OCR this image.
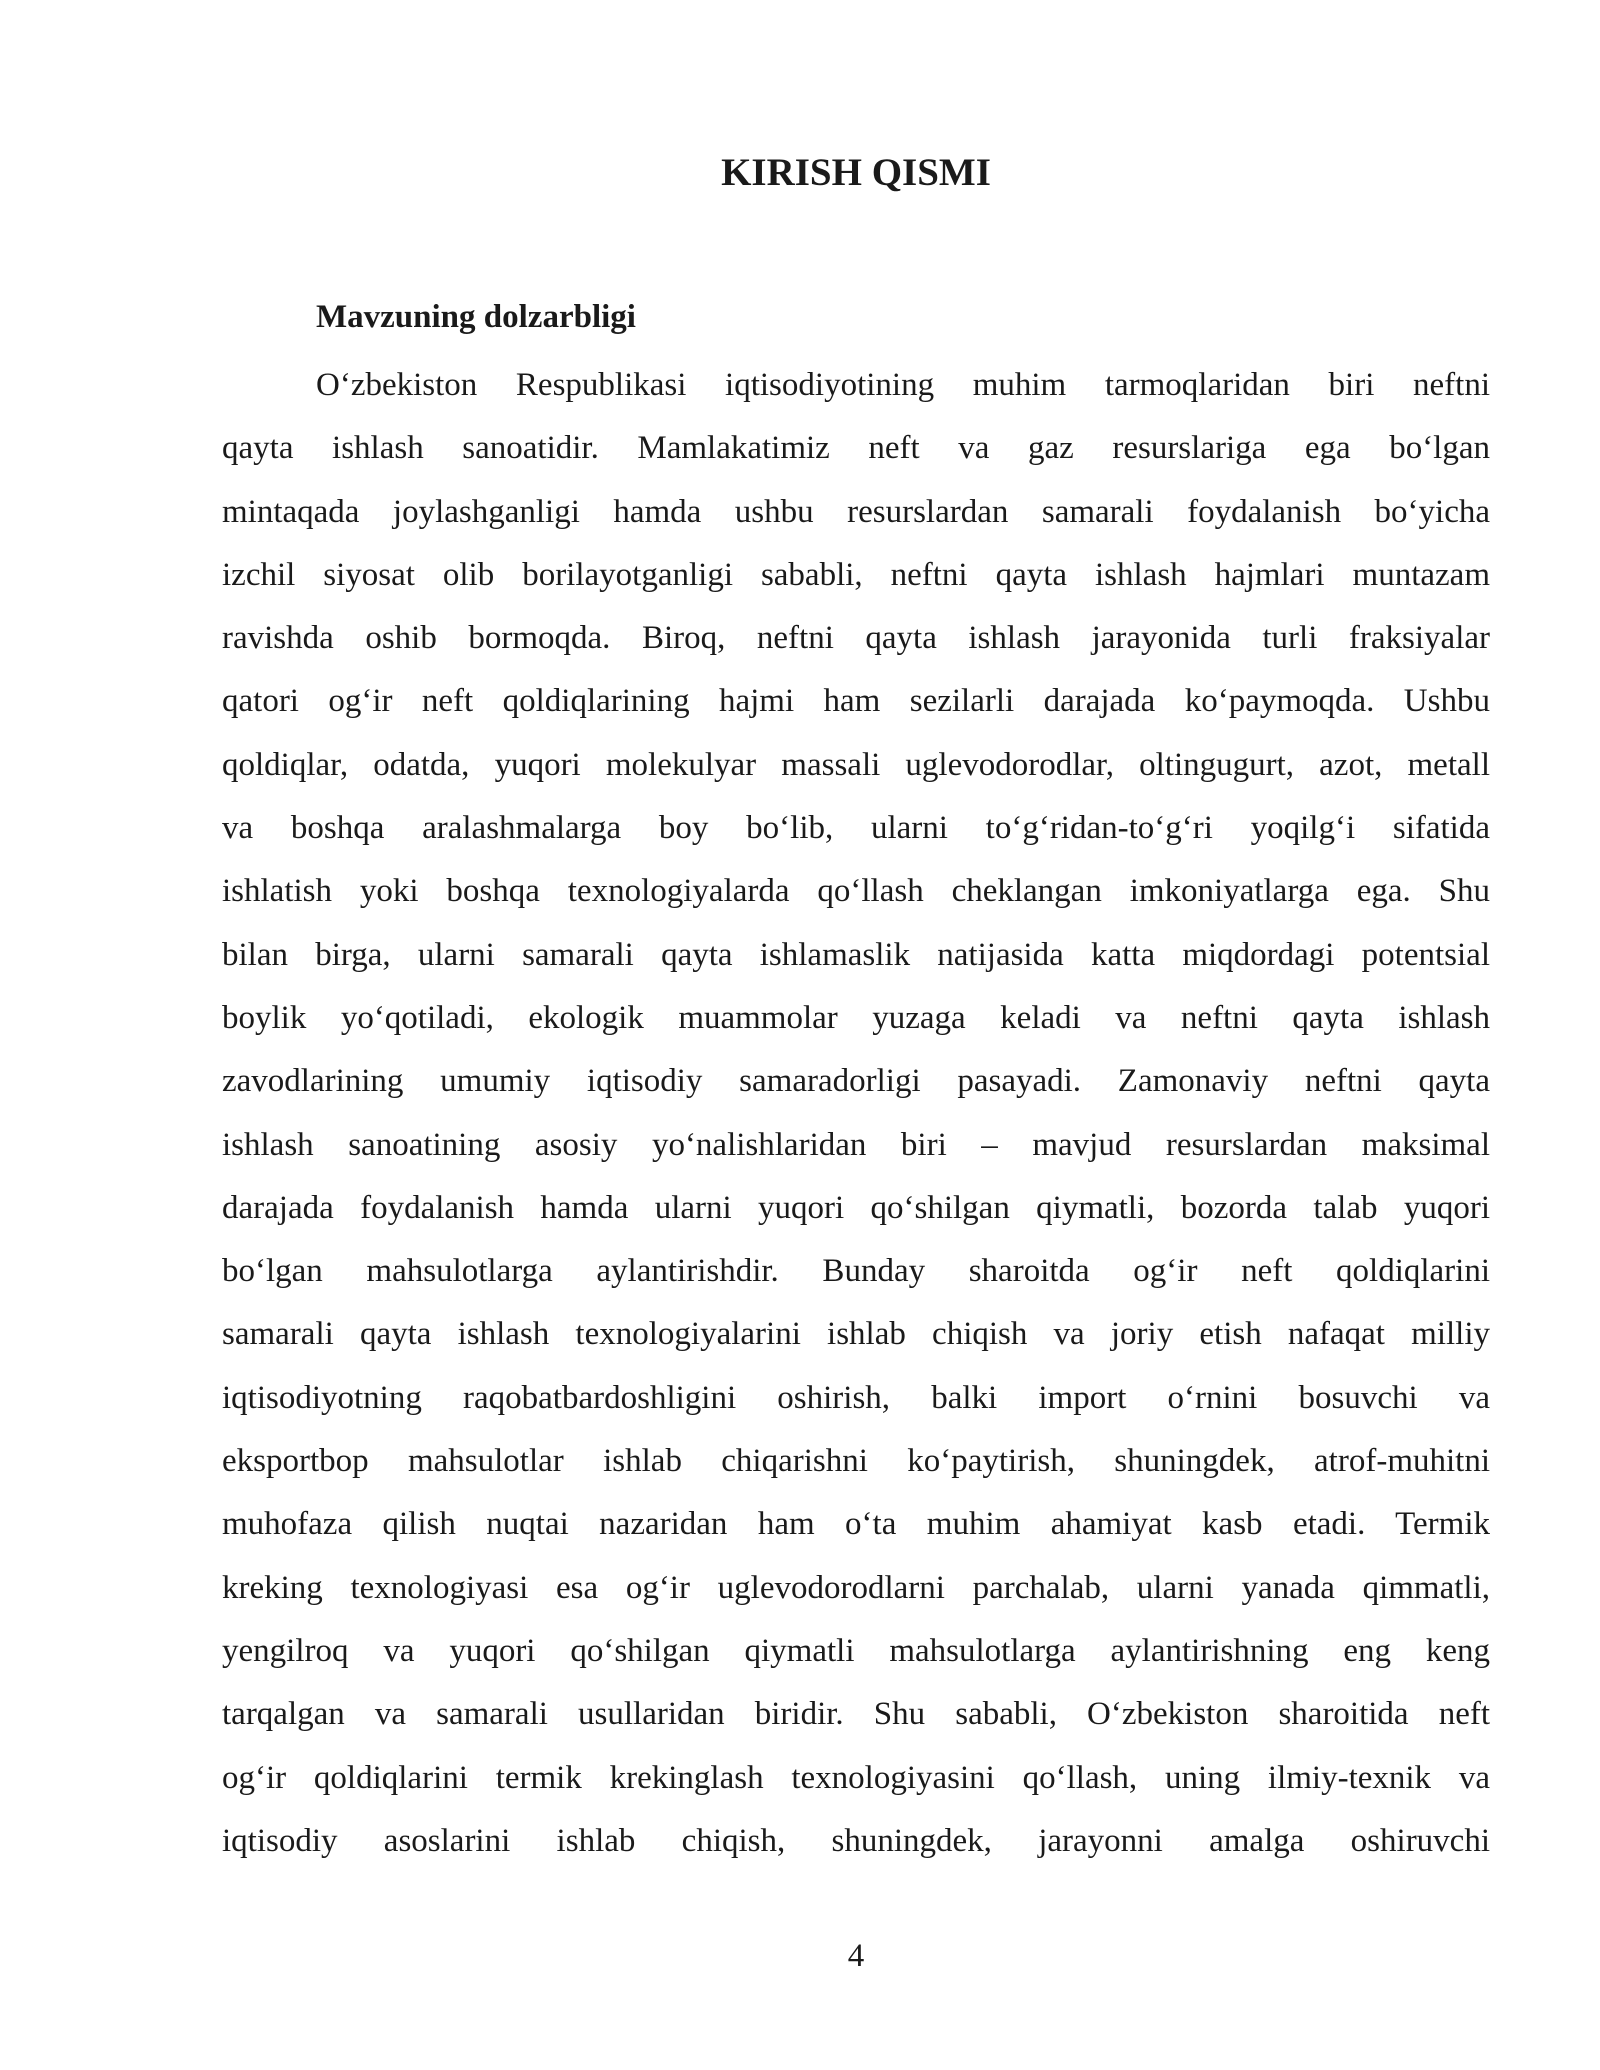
KIRISH QISMI
Mavzuning dolzarbligi
O‘zbekiston Respublikasi iqtisodiyotining muhim tarmoqlaridan biri neftni
qayta ishlash sanoatidir. Mamlakatimiz neft va gaz resurslariga ega bo‘lgan
mintaqada joylashganligi hamda ushbu resurslardan samarali foydalanish bo‘yicha
izchil siyosat olib borilayotganligi sababli, neftni qayta ishlash hajmlari muntazam
ravishda oshib bormoqda. Biroq, neftni qayta ishlash jarayonida turli fraksiyalar
qatori og‘ir neft qoldiqlarining hajmi ham sezilarli darajada ko‘paymoqda. Ushbu
qoldiqlar, odatda, yuqori molekulyar massali uglevodorodlar, oltingugurt, azot, metall
va boshqa aralashmalarga boy bo‘lib, ularni to‘g‘ridan-to‘g‘ri yoqilg‘i sifatida
ishlatish yoki boshqa texnologiyalarda qo‘llash cheklangan imkoniyatlarga ega. Shu
bilan birga, ularni samarali qayta ishlamaslik natijasida katta miqdordagi potentsial
boylik yo‘qotiladi, ekologik muammolar yuzaga keladi va neftni qayta ishlash
zavodlarining umumiy iqtisodiy samaradorligi pasayadi. Zamonaviy neftni qayta
ishlash sanoatining asosiy yo‘nalishlaridan biri – mavjud resurslardan maksimal
darajada foydalanish hamda ularni yuqori qo‘shilgan qiymatli, bozorda talab yuqori
bo‘lgan mahsulotlarga aylantirishdir. Bunday sharoitda og‘ir neft qoldiqlarini
samarali qayta ishlash texnologiyalarini ishlab chiqish va joriy etish nafaqat milliy
iqtisodiyotning raqobatbardoshligini oshirish, balki import o‘rnini bosuvchi va
eksportbop mahsulotlar ishlab chiqarishni ko‘paytirish, shuningdek, atrof-muhitni
muhofaza qilish nuqtai nazaridan ham o‘ta muhim ahamiyat kasb etadi. Termik
kreking texnologiyasi esa og‘ir uglevodorodlarni parchalab, ularni yanada qimmatli,
yengilroq va yuqori qo‘shilgan qiymatli mahsulotlarga aylantirishning eng keng
tarqalgan va samarali usullaridan biridir. Shu sababli, O‘zbekiston sharoitida neft
og‘ir qoldiqlarini termik krekinglash texnologiyasini qo‘llash, uning ilmiy-texnik va
iqtisodiy asoslarini ishlab chiqish, shuningdek, jarayonni amalga oshiruvchi
4
